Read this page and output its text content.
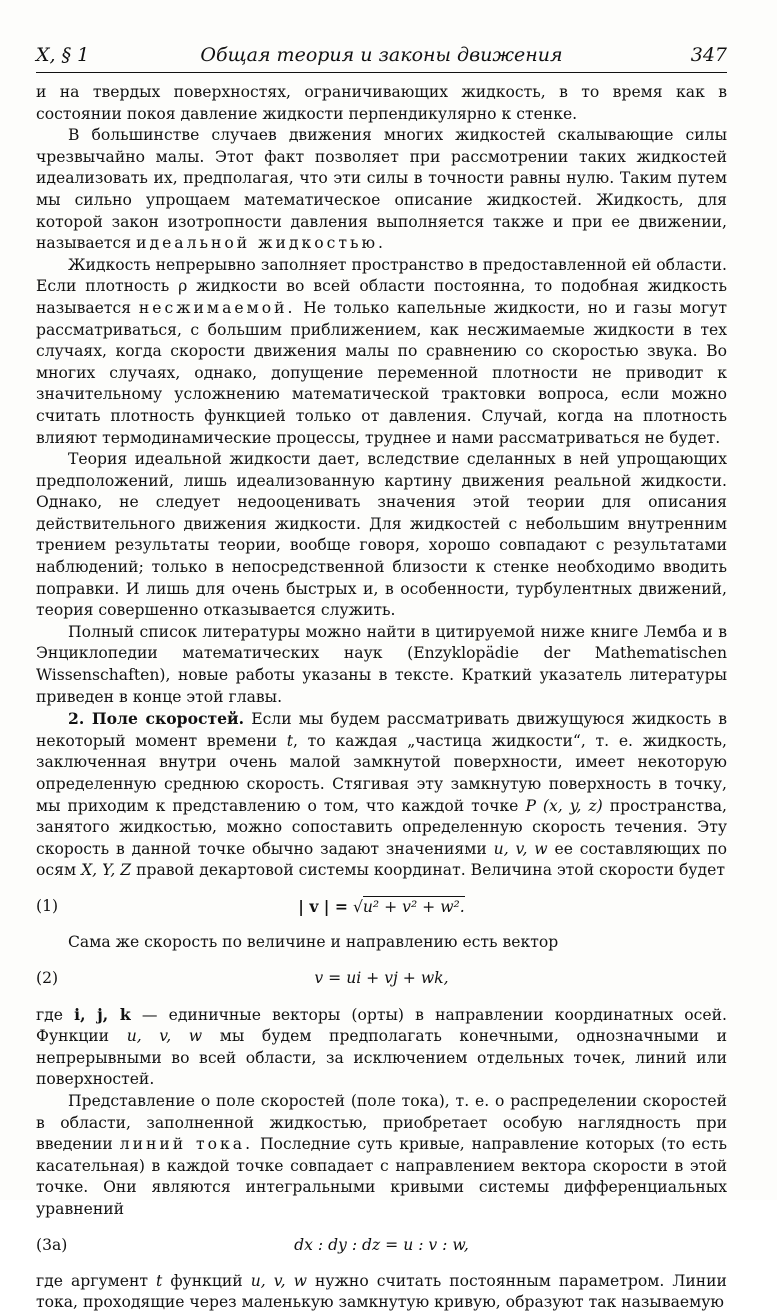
X, § 1	Общая теория и законы движения	347

и на твердых поверхностях, ограничивающих жидкость, в то время как в состоянии покоя давление жидкости перпендикулярно к стенке.

В большинстве случаев движения многих жидкостей скалывающие силы чрезвычайно малы. Этот факт позволяет при рассмотрении таких жидкостей идеализовать их, предполагая, что эти силы в точности равны нулю. Таким путем мы сильно упрощаем математическое описание жидкостей. Жидкость, для которой закон изотропности давления выполняется также и при ее движении, называется идеальной жидкостью.

Жидкость непрерывно заполняет пространство в предоставленной ей области. Если плотность ρ жидкости во всей области постоянна, то подобная жидкость называется несжимаемой. Не только капельные жидкости, но и газы могут рассматриваться, с большим приближением, как несжимаемые жидкости в тех случаях, когда скорости движения малы по сравнению со скоростью звука. Во многих случаях, однако, допущение переменной плотности не приводит к значительному усложнению математической трактовки вопроса, если можно считать плотность функцией только от давления. Случай, когда на плотность влияют термодинамические процессы, труднее и нами рассматриваться не будет.

Теория идеальной жидкости дает, вследствие сделанных в ней упрощающих предположений, лишь идеализованную картину движения реальной жидкости. Однако, не следует недооценивать значения этой теории для описания действительного движения жидкости. Для жидкостей с небольшим внутренним трением результаты теории, вообще говоря, хорошо совпадают с результатами наблюдений; только в непосредственной близости к стенке необходимо вводить поправки. И лишь для очень быстрых и, в особенности, турбулентных движений, теория совершенно отказывается служить.

Полный список литературы можно найти в цитируемой ниже книге Лемба и в Энциклопедии математических наук (Enzyklopädie der Mathematischen Wissenschaften), новые работы указаны в тексте. Краткий указатель литературы приведен в конце этой главы.

2. Поле скоростей. Если мы будем рассматривать движущуюся жидкость в некоторый момент времени t, то каждая „частица жидкости“, т. е. жидкость, заключенная внутри очень малой замкнутой поверхности, имеет некоторую определенную среднюю скорость. Стягивая эту замкнутую поверхность в точку, мы приходим к представлению о том, что каждой точке P (x, y, z) пространства, занятого жидкостью, можно сопоставить определенную скорость течения. Эту скорость в данной точке обычно задают значениями u, v, w ее составляющих по осям X, Y, Z правой декартовой системы координат. Величина этой скорости будет

(1)	| v | = √u² + v² + w².

Сама же скорость по величине и направлению есть вектор

(2)	v = ui + vj + wk,

где i, j, k — единичные векторы (орты) в направлении координатных осей. Функции u, v, w мы будем предполагать конечными, однозначными и непрерывными во всей области, за исключением отдельных точек, линий или поверхностей.

Представление о поле скоростей (поле тока), т. е. о распределении скоростей в области, заполненной жидкостью, приобретает особую наглядность при введении линий тока. Последние суть кривые, направление которых (то есть касательная) в каждой точке совпадает с направлением вектора скорости в этой точке. Они являются интегральными кривыми системы дифференциальных уравнений

(3a)	dx : dy : dz = u : v : w,

где аргумент t функций u, v, w нужно считать постоянным параметром. Линии тока, проходящие через маленькую замкнутую кривую, образуют так называемую
